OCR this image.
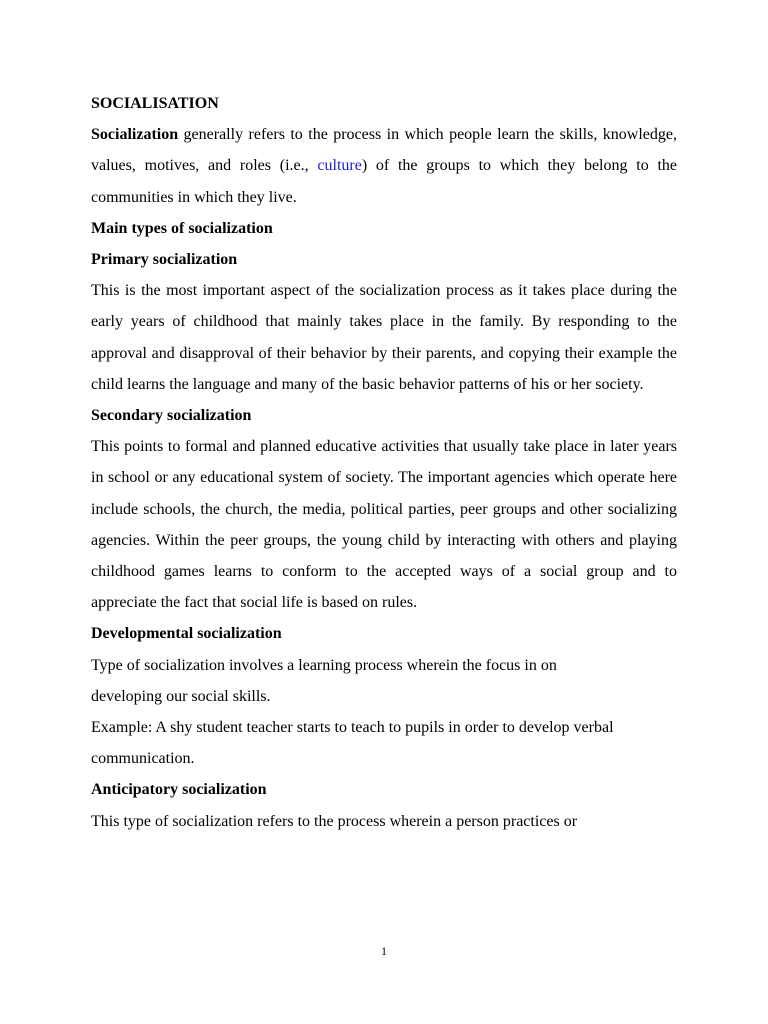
SOCIALISATION

Socialization generally refers to the process in which people learn the skills, knowledge, values, motives, and roles (i.e., culture) of the groups to which they belong to the communities in which they live.

Main types of socialization

Primary socialization

This is the most important aspect of the socialization process as it takes place during the early years of childhood that mainly takes place in the family. By responding to the approval and disapproval of their behavior by their parents, and copying their example the child learns the language and many of the basic behavior patterns of his or her society.

Secondary socialization

This points to formal and planned educative activities that usually take place in later years in school or any educational system of society. The important agencies which operate here include schools, the church, the media, political parties, peer groups and other socializing agencies. Within the peer groups, the young child by interacting with others and playing childhood games learns to conform to the accepted ways of a social group and to appreciate the fact that social life is based on rules.

Developmental socialization

Type of socialization involves a learning process wherein the focus in on

developing our social skills.

Example: A shy student teacher starts to teach to pupils in order to develop verbal

communication.

Anticipatory socialization

This type of socialization refers to the process wherein a person practices or

1
